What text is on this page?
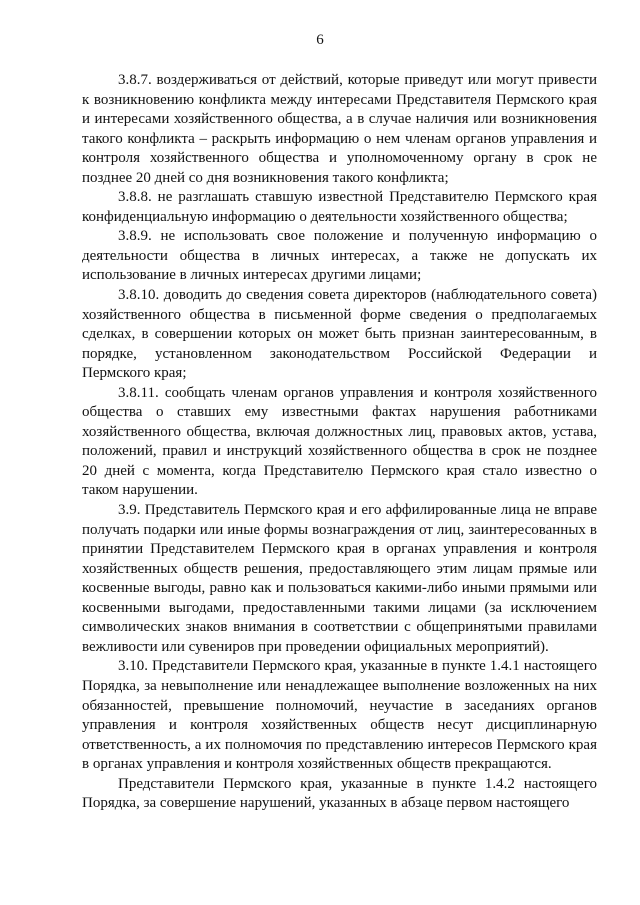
6

3.8.7. воздерживаться от действий, которые приведут или могут привести к возникновению конфликта между интересами Представителя Пермского края и интересами хозяйственного общества, а в случае наличия или возникновения такого конфликта – раскрыть информацию о нем членам органов управления и контроля хозяйственного общества и уполномоченному органу в срок не позднее 20 дней со дня возникновения такого конфликта;

3.8.8. не разглашать ставшую известной Представителю Пермского края конфиденциальную информацию о деятельности хозяйственного общества;

3.8.9. не использовать свое положение и полученную информацию о деятельности общества в личных интересах, а также не допускать их использование в личных интересах другими лицами;

3.8.10. доводить до сведения совета директоров (наблюдательного совета) хозяйственного общества в письменной форме сведения о предполагаемых сделках, в совершении которых он может быть признан заинтересованным, в порядке, установленном законодательством Российской Федерации и Пермского края;

3.8.11. сообщать членам органов управления и контроля хозяйственного общества о ставших ему известными фактах нарушения работниками хозяйственного общества, включая должностных лиц, правовых актов, устава, положений, правил и инструкций хозяйственного общества в срок не позднее 20 дней с момента, когда Представителю Пермского края стало известно о таком нарушении.

3.9. Представитель Пермского края и его аффилированные лица не вправе получать подарки или иные формы вознаграждения от лиц, заинтересованных в принятии Представителем Пермского края в органах управления и контроля хозяйственных обществ решения, предоставляющего этим лицам прямые или косвенные выгоды, равно как и пользоваться какими-либо иными прямыми или косвенными выгодами, предоставленными такими лицами (за исключением символических знаков внимания в соответствии с общепринятыми правилами вежливости или сувениров при проведении официальных мероприятий).

3.10. Представители Пермского края, указанные в пункте 1.4.1 настоящего Порядка, за невыполнение или ненадлежащее выполнение возложенных на них обязанностей, превышение полномочий, неучастие в заседаниях органов управления и контроля хозяйственных обществ несут дисциплинарную ответственность, а их полномочия по представлению интересов Пермского края в органах управления и контроля хозяйственных обществ прекращаются.

Представители Пермского края, указанные в пункте 1.4.2 настоящего Порядка, за совершение нарушений, указанных в абзаце первом настоящего
